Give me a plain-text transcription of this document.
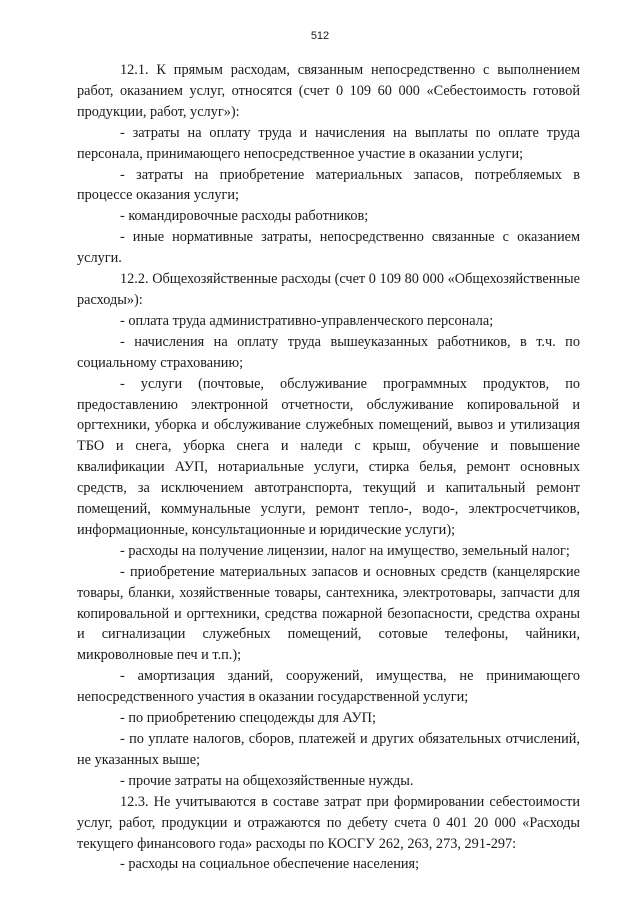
512

12.1. К прямым расходам, связанным непосредственно с выполнением работ, оказанием услуг, относятся (счет 0 109 60 000 «Себестоимость готовой продукции, работ, услуг»):

- затраты на оплату труда и начисления на выплаты по оплате труда персонала, принимающего непосредственное участие в оказании услуги;

- затраты на приобретение материальных запасов, потребляемых в процессе оказания услуги;

- командировочные расходы работников;

- иные нормативные затраты, непосредственно связанные с оказанием услуги.

12.2. Общехозяйственные расходы (счет 0 109 80 000 «Общехозяйственные расходы»):

- оплата труда административно-управленческого персонала;

- начисления на оплату труда вышеуказанных работников, в т.ч. по социальному страхованию;

- услуги (почтовые, обслуживание программных продуктов, по предоставлению электронной отчетности, обслуживание копировальной и оргтехники, уборка и обслуживание служебных помещений, вывоз и утилизация ТБО и снега, уборка снега и наледи с крыш, обучение и повышение квалификации АУП, нотариальные услуги, стирка белья, ремонт основных средств, за исключением автотранспорта, текущий и капитальный ремонт помещений, коммунальные услуги, ремонт тепло-, водо-, электросчетчиков, информационные, консультационные и юридические услуги);

- расходы на получение лицензии, налог на имущество, земельный налог;

- приобретение материальных запасов и основных средств (канцелярские товары, бланки, хозяйственные товары, сантехника, электротовары, запчасти для копировальной и оргтехники, средства пожарной безопасности, средства охраны и сигнализации служебных помещений, сотовые телефоны, чайники, микроволновые печ и т.п.);

- амортизация зданий, сооружений, имущества, не принимающего непосредственного участия в оказании государственной услуги;

- по приобретению спецодежды для АУП;

- по уплате налогов, сборов, платежей и других обязательных отчислений, не указанных выше;

- прочие затраты на общехозяйственные нужды.

12.3. Не учитываются в составе затрат при формировании себестоимости услуг, работ, продукции и отражаются по дебету счета 0 401 20 000 «Расходы текущего финансового года» расходы по КОСГУ 262, 263, 273, 291-297:

- расходы на социальное обеспечение населения;
